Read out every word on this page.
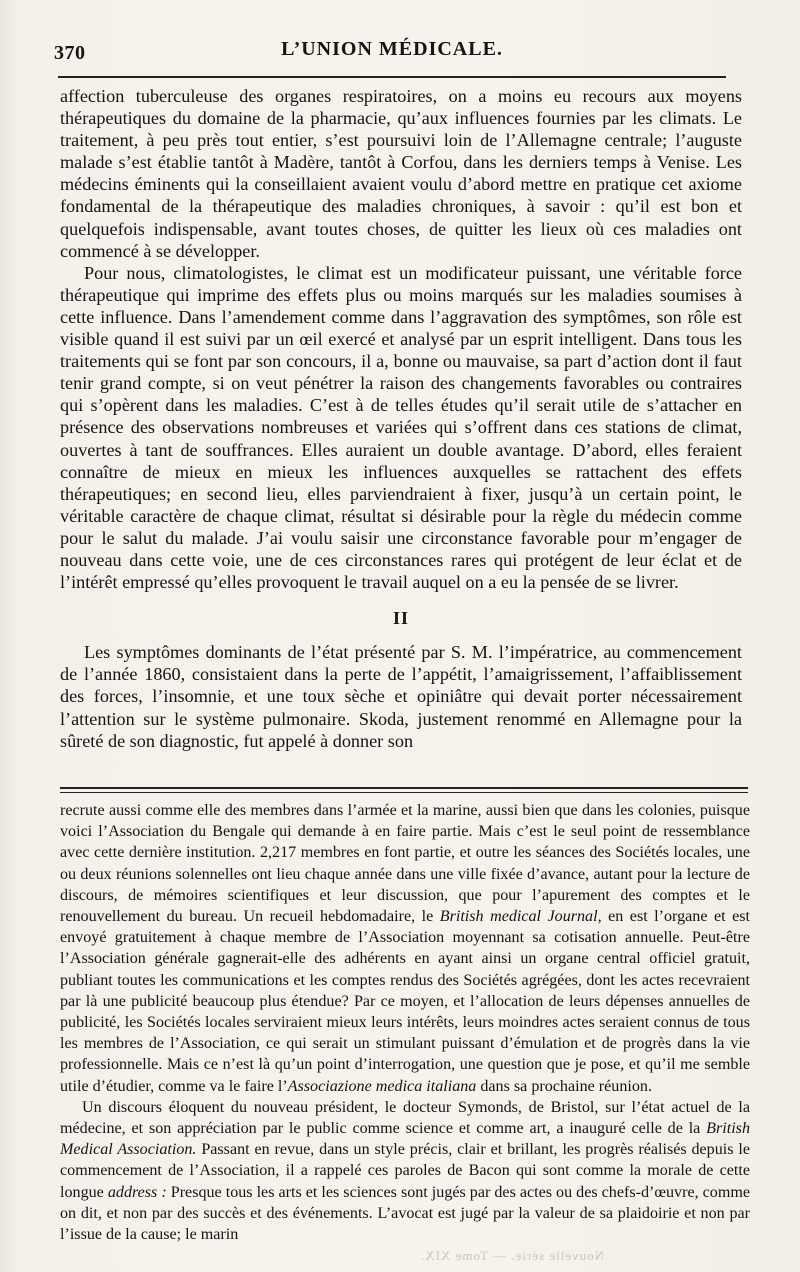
370	L’UNION MÉDICALE.

affection tuberculeuse des organes respiratoires, on a moins eu recours aux moyens thérapeutiques du domaine de la pharmacie, qu’aux influences fournies par les climats. Le traitement, à peu près tout entier, s’est poursuivi loin de l’Allemagne centrale; l’auguste malade s’est établie tantôt à Madère, tantôt à Corfou, dans les derniers temps à Venise. Les médecins éminents qui la conseillaient avaient voulu d’abord mettre en pratique cet axiome fondamental de la thérapeutique des maladies chroniques, à savoir : qu’il est bon et quelquefois indispensable, avant toutes choses, de quitter les lieux où ces maladies ont commencé à se développer.

Pour nous, climatologistes, le climat est un modificateur puissant, une véritable force thérapeutique qui imprime des effets plus ou moins marqués sur les maladies soumises à cette influence. Dans l’amendement comme dans l’aggravation des symptômes, son rôle est visible quand il est suivi par un œil exercé et analysé par un esprit intelligent. Dans tous les traitements qui se font par son concours, il a, bonne ou mauvaise, sa part d’action dont il faut tenir grand compte, si on veut pénétrer la raison des changements favorables ou contraires qui s’opèrent dans les maladies. C’est à de telles études qu’il serait utile de s’attacher en présence des observations nombreuses et variées qui s’offrent dans ces stations de climat, ouvertes à tant de souffrances. Elles auraient un double avantage. D’abord, elles feraient connaître de mieux en mieux les influences auxquelles se rattachent des effets thérapeutiques; en second lieu, elles parviendraient à fixer, jusqu’à un certain point, le véritable caractère de chaque climat, résultat si désirable pour la règle du médecin comme pour le salut du malade. J’ai voulu saisir une circonstance favorable pour m’engager de nouveau dans cette voie, une de ces circonstances rares qui protégent de leur éclat et de l’intérêt empressé qu’elles provoquent le travail auquel on a eu la pensée de se livrer.

II

Les symptômes dominants de l’état présenté par S. M. l’impératrice, au commencement de l’année 1860, consistaient dans la perte de l’appétit, l’amaigrissement, l’affaiblissement des forces, l’insomnie, et une toux sèche et opiniâtre qui devait porter nécessairement l’attention sur le système pulmonaire. Skoda, justement renommé en Allemagne pour la sûreté de son diagnostic, fut appelé à donner son

recrute aussi comme elle des membres dans l’armée et la marine, aussi bien que dans les colonies, puisque voici l’Association du Bengale qui demande à en faire partie. Mais c’est le seul point de ressemblance avec cette dernière institution. 2,217 membres en font partie, et outre les séances des Sociétés locales, une ou deux réunions solennelles ont lieu chaque année dans une ville fixée d’avance, autant pour la lecture de discours, de mémoires scientifiques et leur discussion, que pour l’apurement des comptes et le renouvellement du bureau. Un recueil hebdomadaire, le British medical Journal, en est l’organe et est envoyé gratuitement à chaque membre de l’Association moyennant sa cotisation annuelle. Peut-être l’Association générale gagnerait-elle des adhérents en ayant ainsi un organe central officiel gratuit, publiant toutes les communications et les comptes rendus des Sociétés agrégées, dont les actes recevraient par là une publicité beaucoup plus étendue? Par ce moyen, et l’allocation de leurs dépenses annuelles de publicité, les Sociétés locales serviraient mieux leurs intérêts, leurs moindres actes seraient connus de tous les membres de l’Association, ce qui serait un stimulant puissant d’émulation et de progrès dans la vie professionnelle. Mais ce n’est là qu’un point d’interrogation, une question que je pose, et qu’il me semble utile d’étudier, comme va le faire l’Associazione medica italiana dans sa prochaine réunion.

Un discours éloquent du nouveau président, le docteur Symonds, de Bristol, sur l’état actuel de la médecine, et son appréciation par le public comme science et comme art, a inauguré celle de la British Medical Association. Passant en revue, dans un style précis, clair et brillant, les progrès réalisés depuis le commencement de l’Association, il a rappelé ces paroles de Bacon qui sont comme la morale de cette longue address : Presque tous les arts et les sciences sont jugés par des actes ou des chefs-d’œuvre, comme on dit, et non par des succès et des événements. L’avocat est jugé par la valeur de sa plaidoirie et non par l’issue de la cause; le marin

Nouvelle série. — Tome XIX.
